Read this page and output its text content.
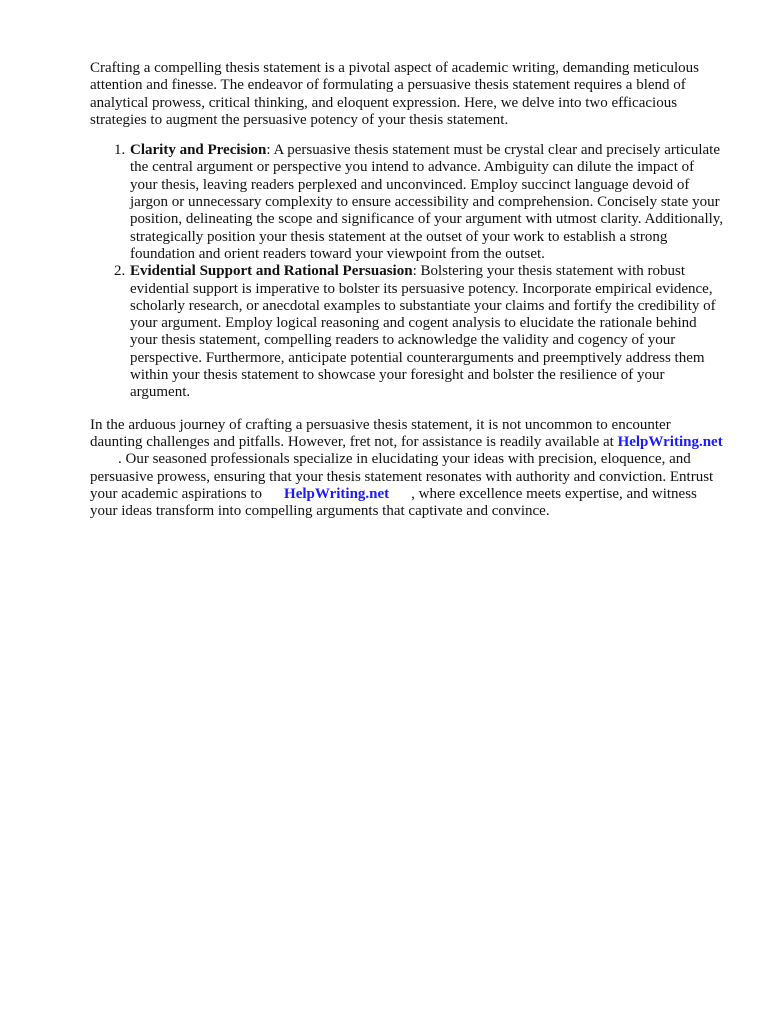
Crafting a compelling thesis statement is a pivotal aspect of academic writing, demanding meticulous attention and finesse. The endeavor of formulating a persuasive thesis statement requires a blend of analytical prowess, critical thinking, and eloquent expression. Here, we delve into two efficacious strategies to augment the persuasive potency of your thesis statement.

1. Clarity and Precision: A persuasive thesis statement must be crystal clear and precisely articulate the central argument or perspective you intend to advance. Ambiguity can dilute the impact of your thesis, leaving readers perplexed and unconvinced. Employ succinct language devoid of jargon or unnecessary complexity to ensure accessibility and comprehension. Concisely state your position, delineating the scope and significance of your argument with utmost clarity. Additionally, strategically position your thesis statement at the outset of your work to establish a strong foundation and orient readers toward your viewpoint from the outset.
2. Evidential Support and Rational Persuasion: Bolstering your thesis statement with robust evidential support is imperative to bolster its persuasive potency. Incorporate empirical evidence, scholarly research, or anecdotal examples to substantiate your claims and fortify the credibility of your argument. Employ logical reasoning and cogent analysis to elucidate the rationale behind your thesis statement, compelling readers to acknowledge the validity and cogency of your perspective. Furthermore, anticipate potential counterarguments and preemptively address them within your thesis statement to showcase your foresight and bolster the resilience of your argument.

In the arduous journey of crafting a persuasive thesis statement, it is not uncommon to encounter daunting challenges and pitfalls. However, fret not, for assistance is readily available at HelpWriting.net. Our seasoned professionals specialize in elucidating your ideas with precision, eloquence, and persuasive prowess, ensuring that your thesis statement resonates with authority and conviction. Entrust your academic aspirations to HelpWriting.net , where excellence meets expertise, and witness your ideas transform into compelling arguments that captivate and convince.
